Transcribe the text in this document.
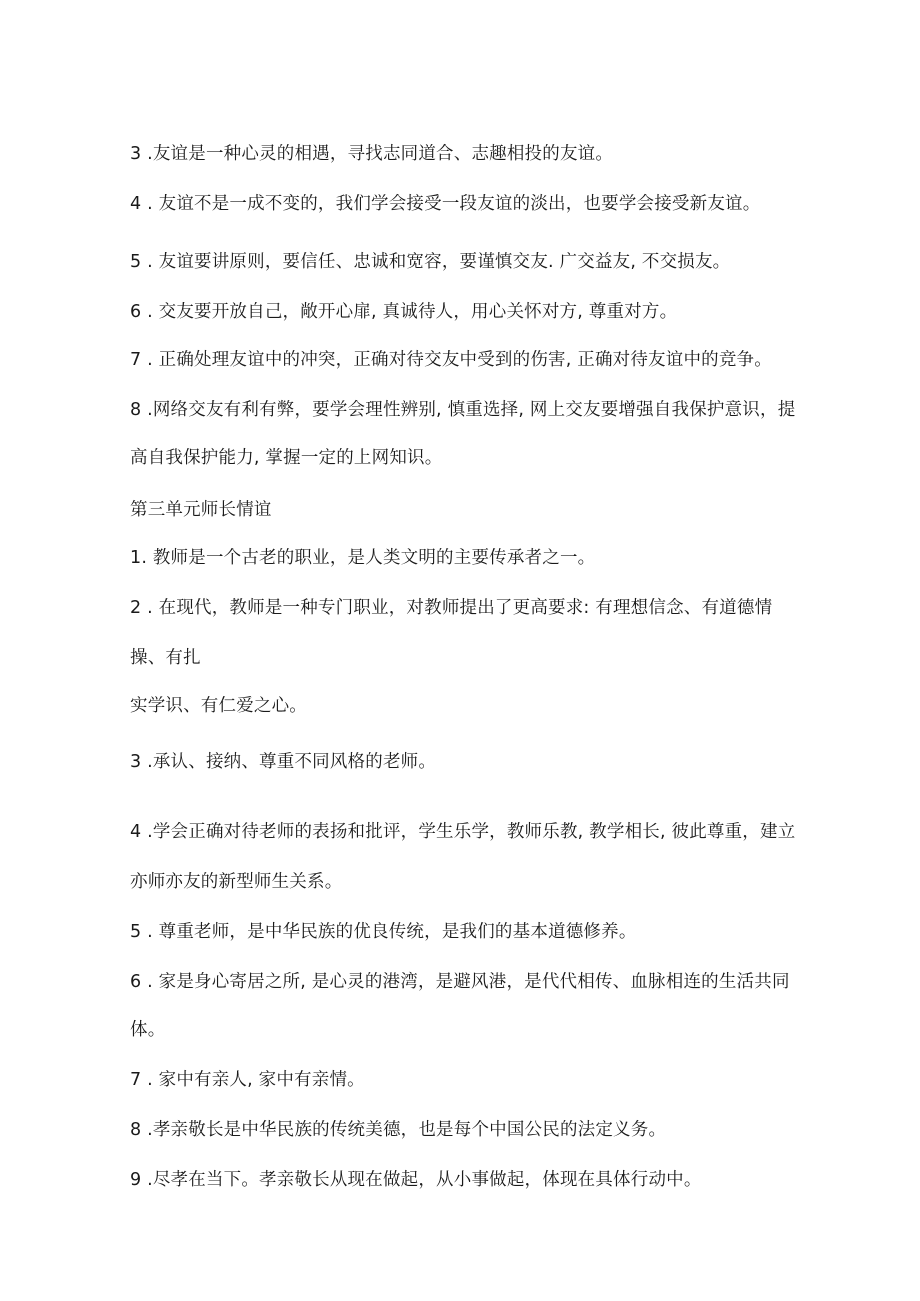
3 .友谊是一种心灵的相遇，寻找志同道合、志趣相投的友谊。

4 . 友谊不是一成不变的，我们学会接受一段友谊的淡出，也要学会接受新友谊。

5 . 友谊要讲原则，要信任、忠诚和宽容，要谨慎交友. 广交益友, 不交损友。

6 . 交友要开放自己，敞开心扉, 真诚待人，用心关怀对方, 尊重对方。

7 . 正确处理友谊中的冲突，正确对待交友中受到的伤害, 正确对待友谊中的竞争。

8 .网络交友有利有弊，要学会理性辨别, 慎重选择, 网上交友要增强自我保护意识，提

高自我保护能力, 掌握一定的上网知识。

第三单元师长情谊

1. 教师是一个古老的职业，是人类文明的主要传承者之一。

2 . 在现代，教师是一种专门职业，对教师提出了更高要求: 有理想信念、有道德情

操、有扎

实学识、有仁爱之心。

3 .承认、接纳、尊重不同风格的老师。

4 .学会正确对待老师的表扬和批评，学生乐学，教师乐教, 教学相长, 彼此尊重，建立

亦师亦友的新型师生关系。

5 . 尊重老师，是中华民族的优良传统，是我们的基本道德修养。

6 . 家是身心寄居之所, 是心灵的港湾，是避风港，是代代相传、血脉相连的生活共同

体。

7 . 家中有亲人, 家中有亲情。

8 .孝亲敬长是中华民族的传统美德，也是每个中国公民的法定义务。

9 .尽孝在当下。孝亲敬长从现在做起，从小事做起，体现在具体行动中。
